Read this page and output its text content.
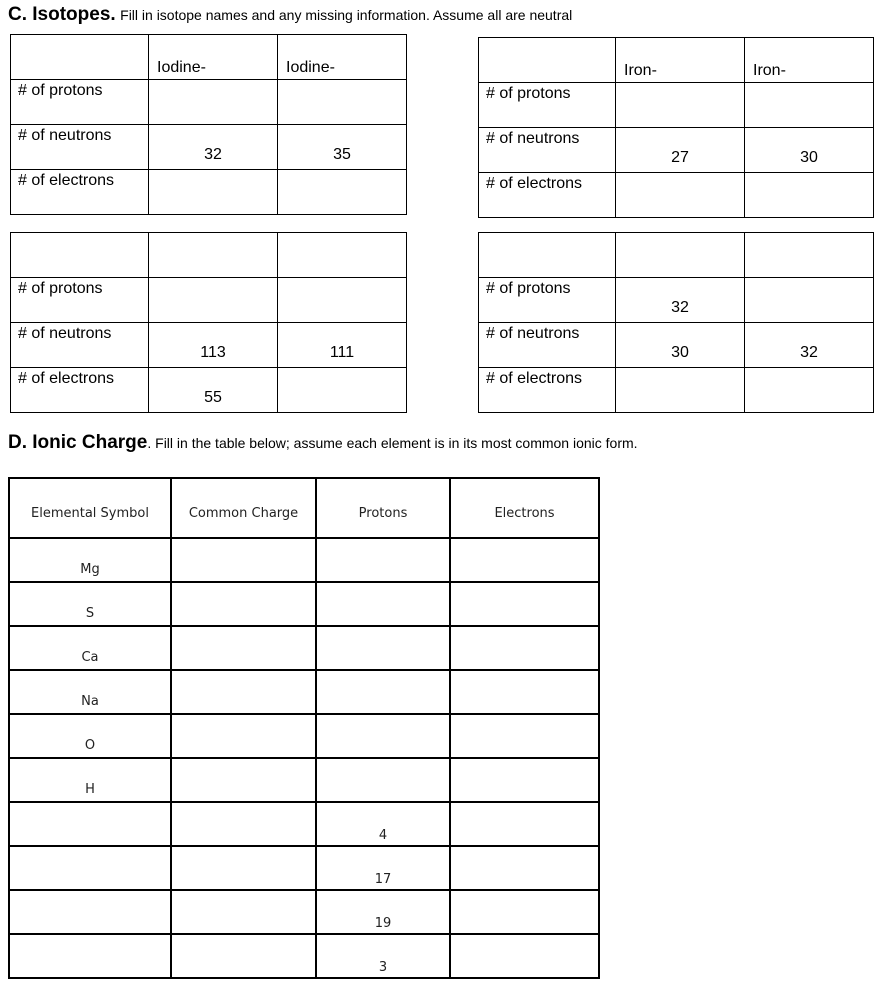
C. Isotopes. Fill in isotope names and any missing information. Assume all are neutral
	Iodine-	Iodine-
# of protons	

# of neutrons	32	35

# of electrons	

	Iron-	Iron-
# of protons	

# of neutrons	27	30

# of electrons	

# of protons	

# of neutrons	113	111

# of electrons	55	

# of protons	32	

# of neutrons	30	32

# of electrons	

D. Ionic Charge. Fill in the table below; assume each element is in its most common ionic form.
Elemental Symbol	Common Charge	Protons	Electrons
Mg			
S			
Ca			
Na			
O			
H			
		4	
		17	
		19	
		3	
